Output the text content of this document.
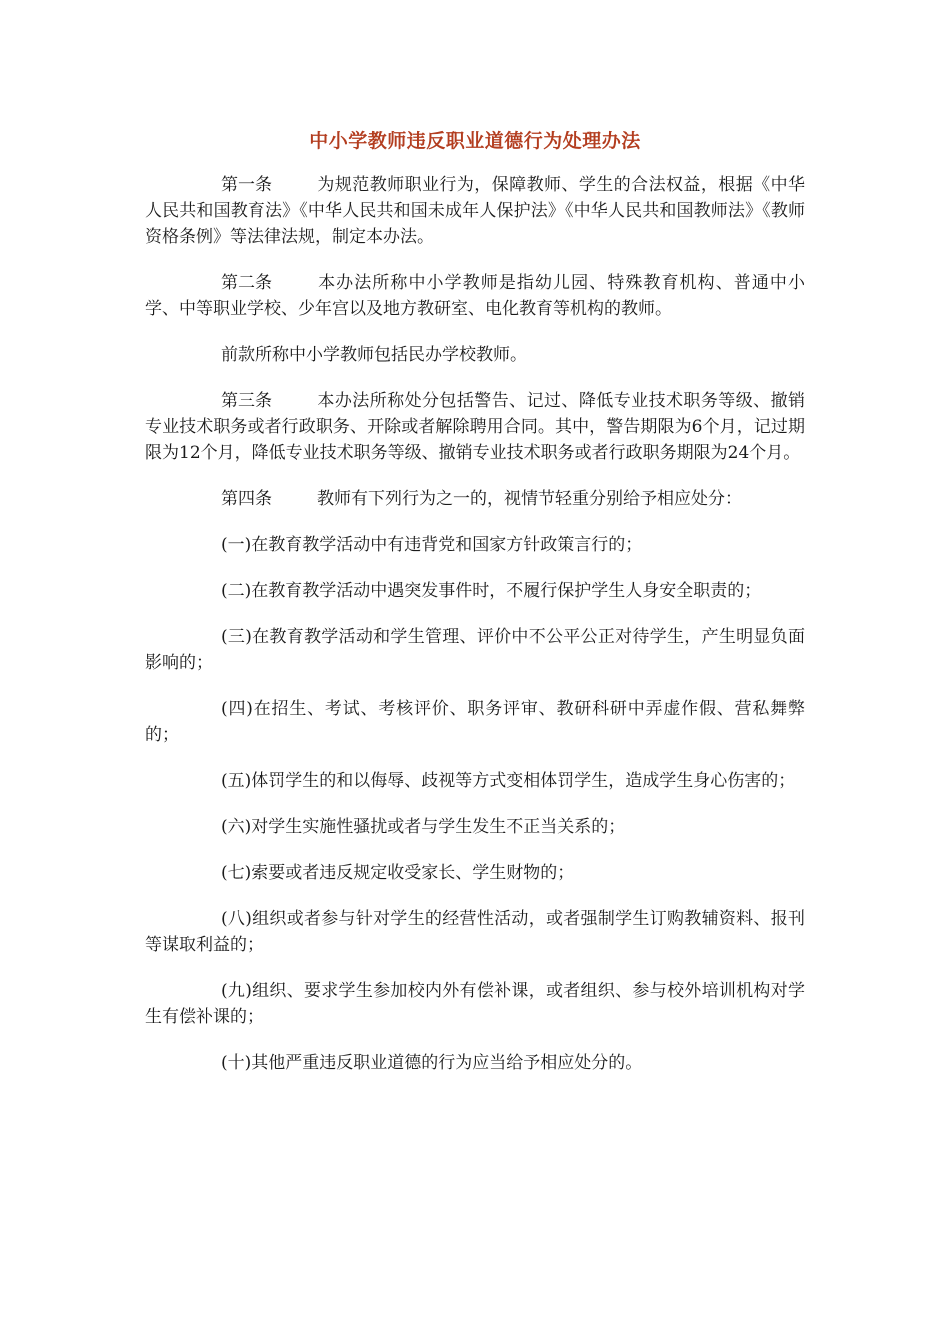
中小学教师违反职业道德行为处理办法

第一条	为规范教师职业行为，保障教师、学生的合法权益，根据《中华人民共和国教育法》《中华人民共和国未成年人保护法》《中华人民共和国教师法》《教师资格条例》等法律法规，制定本办法。

第二条	本办法所称中小学教师是指幼儿园、特殊教育机构、普通中小学、中等职业学校、少年宫以及地方教研室、电化教育等机构的教师。

前款所称中小学教师包括民办学校教师。

第三条	本办法所称处分包括警告、记过、降低专业技术职务等级、撤销专业技术职务或者行政职务、开除或者解除聘用合同。其中，警告期限为6个月，记过期限为12个月，降低专业技术职务等级、撤销专业技术职务或者行政职务期限为24个月。

第四条	教师有下列行为之一的，视情节轻重分别给予相应处分：

(一)在教育教学活动中有违背党和国家方针政策言行的；

(二)在教育教学活动中遇突发事件时，不履行保护学生人身安全职责的；

(三)在教育教学活动和学生管理、评价中不公平公正对待学生，产生明显负面影响的；

(四)在招生、考试、考核评价、职务评审、教研科研中弄虚作假、营私舞弊的；

(五)体罚学生的和以侮辱、歧视等方式变相体罚学生，造成学生身心伤害的；

(六)对学生实施性骚扰或者与学生发生不正当关系的；

(七)索要或者违反规定收受家长、学生财物的；

(八)组织或者参与针对学生的经营性活动，或者强制学生订购教辅资料、报刊等谋取利益的；

(九)组织、要求学生参加校内外有偿补课，或者组织、参与校外培训机构对学生有偿补课的；

(十)其他严重违反职业道德的行为应当给予相应处分的。
